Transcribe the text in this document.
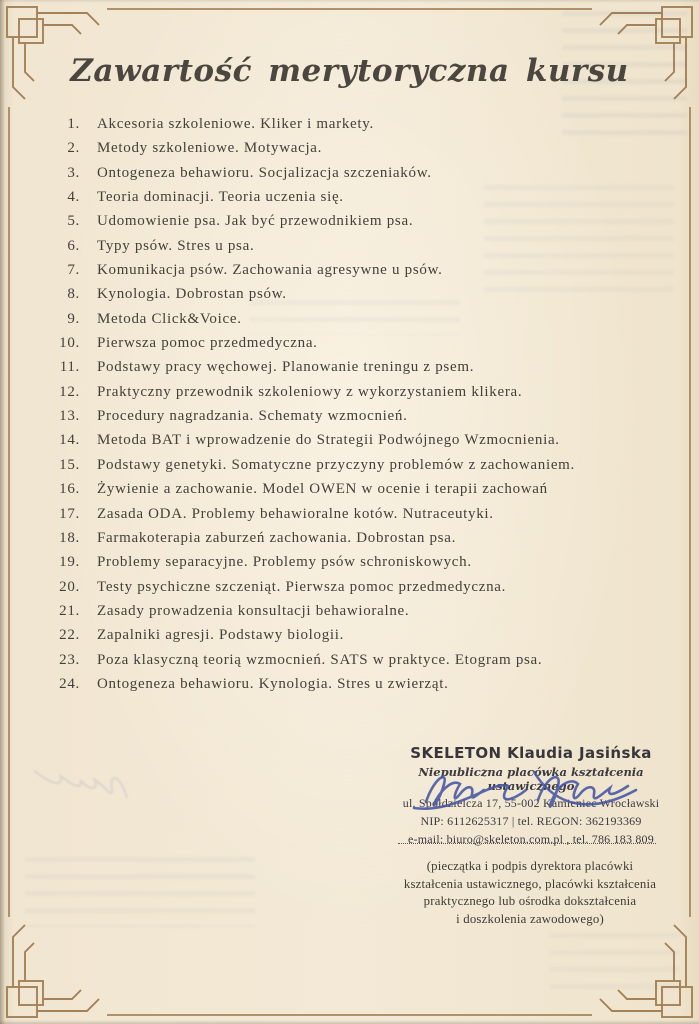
Zawartość merytoryczna kursu
1. Akcesoria szkoleniowe. Kliker i markety.
2. Metody szkoleniowe. Motywacja.
3. Ontogeneza behawioru. Socjalizacja szczeniaków.
4. Teoria dominacji. Teoria uczenia się.
5. Udomowienie psa. Jak być przewodnikiem psa.
6. Typy psów. Stres u psa.
7. Komunikacja psów. Zachowania agresywne u psów.
8. Kynologia. Dobrostan psów.
9. Metoda Click&Voice.
10. Pierwsza pomoc przedmedyczna.
11. Podstawy pracy węchowej. Planowanie treningu z psem.
12. Praktyczny przewodnik szkoleniowy z wykorzystaniem klikera.
13. Procedury nagradzania. Schematy wzmocnień.
14. Metoda BAT i wprowadzenie do Strategii Podwójnego Wzmocnienia.
15. Podstawy genetyki. Somatyczne przyczyny problemów z zachowaniem.
16. Żywienie a zachowanie. Model OWEN w ocenie i terapii zachowań
17. Zasada ODA. Problemy behawioralne kotów. Nutraceutyki.
18. Farmakoterapia zaburzeń zachowania. Dobrostan psa.
19. Problemy separacyjne. Problemy psów schroniskowych.
20. Testy psychiczne szczeniąt. Pierwsza pomoc przedmedyczna.
21. Zasady prowadzenia konsultacji behawioralne.
22. Zapalniki agresji. Podstawy biologii.
23. Poza klasyczną teorią wzmocnień. SATS w praktyce. Etogram psa.
24. Ontogeneza behawioru. Kynologia. Stres u zwierząt.
SKELETON Klaudia Jasińska
Niepubliczna placówka kształcenia ustawicznego
ul. Spółdzielcza 17, 55-002 Kamieniec Wrocławski
NIP: 6112625317 | tel. REGON: 362193369
e-mail: biuro@skeleton.com.pl , tel. 786 183 809
(pieczątka i podpis dyrektora placówki
kształcenia ustawicznego, placówki kształcenia
praktycznego lub ośrodka dokształcenia
i doszkolenia zawodowego)
